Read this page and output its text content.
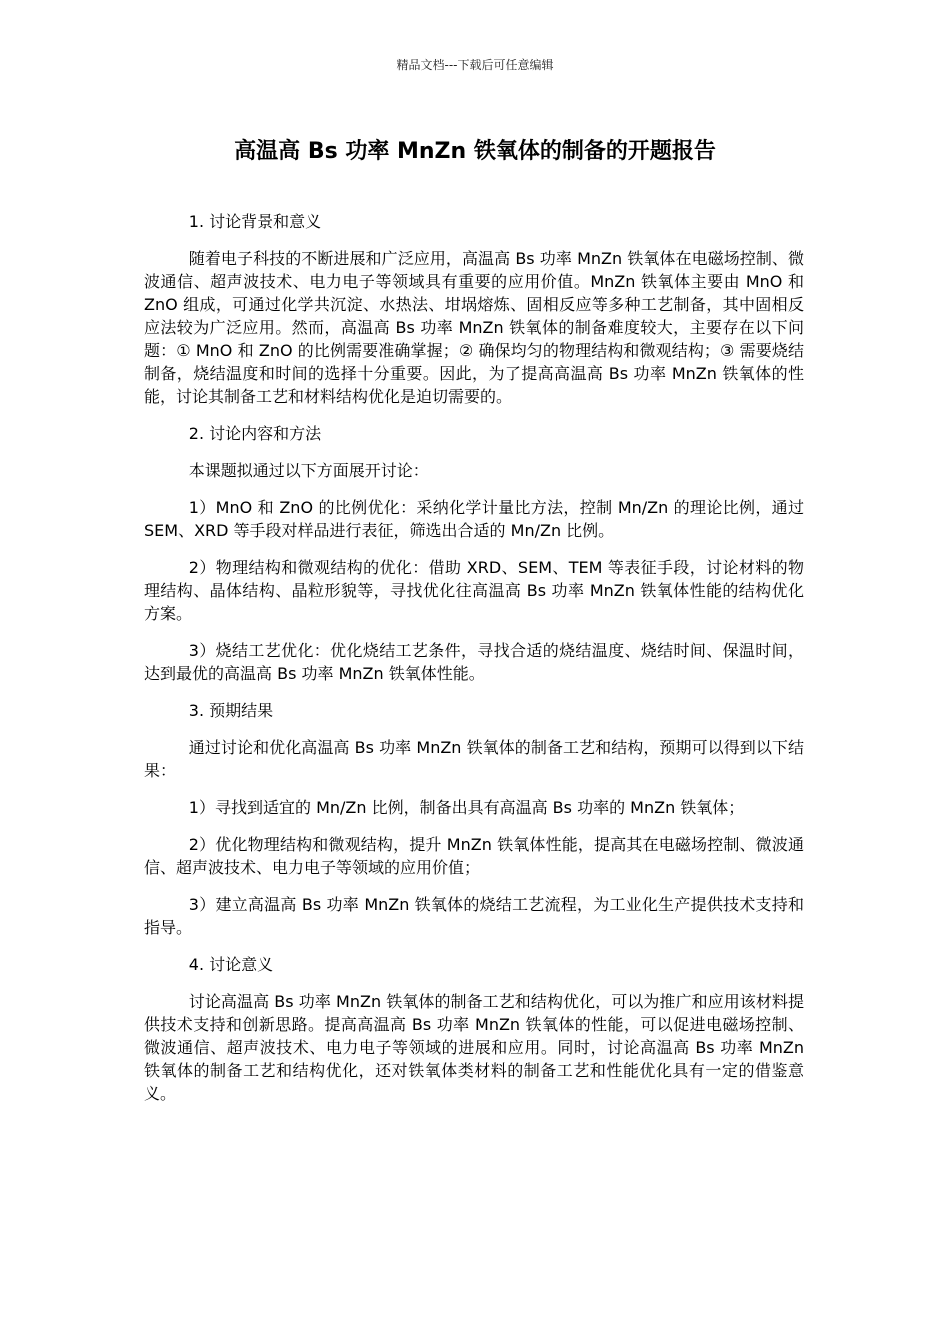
精品文档---下载后可任意编辑
高温高 Bs 功率 MnZn 铁氧体的制备的开题报告

1. 讨论背景和意义

随着电子科技的不断进展和广泛应用，高温高 Bs 功率 MnZn 铁氧体在电磁场控制、微波通信、超声波技术、电力电子等领域具有重要的应用价值。MnZn 铁氧体主要由 MnO 和 ZnO 组成，可通过化学共沉淀、水热法、坩埚熔炼、固相反应等多种工艺制备，其中固相反应法较为广泛应用。然而，高温高 Bs 功率 MnZn 铁氧体的制备难度较大，主要存在以下问题：① MnO 和 ZnO 的比例需要准确掌握；② 确保均匀的物理结构和微观结构；③ 需要烧结制备，烧结温度和时间的选择十分重要。因此，为了提高高温高 Bs 功率 MnZn 铁氧体的性能，讨论其制备工艺和材料结构优化是迫切需要的。

2. 讨论内容和方法

本课题拟通过以下方面展开讨论：

1）MnO 和 ZnO 的比例优化：采纳化学计量比方法，控制 Mn/Zn 的理论比例，通过 SEM、XRD 等手段对样品进行表征，筛选出合适的 Mn/Zn 比例。

2）物理结构和微观结构的优化：借助 XRD、SEM、TEM 等表征手段，讨论材料的物理结构、晶体结构、晶粒形貌等，寻找优化往高温高 Bs 功率 MnZn 铁氧体性能的结构优化方案。

3）烧结工艺优化：优化烧结工艺条件，寻找合适的烧结温度、烧结时间、保温时间，达到最优的高温高 Bs 功率 MnZn 铁氧体性能。

3. 预期结果

通过讨论和优化高温高 Bs 功率 MnZn 铁氧体的制备工艺和结构，预期可以得到以下结果：

1）寻找到适宜的 Mn/Zn 比例，制备出具有高温高 Bs 功率的 MnZn 铁氧体；

2）优化物理结构和微观结构，提升 MnZn 铁氧体性能，提高其在电磁场控制、微波通信、超声波技术、电力电子等领域的应用价值；

3）建立高温高 Bs 功率 MnZn 铁氧体的烧结工艺流程，为工业化生产提供技术支持和指导。

4. 讨论意义

讨论高温高 Bs 功率 MnZn 铁氧体的制备工艺和结构优化，可以为推广和应用该材料提供技术支持和创新思路。提高高温高 Bs 功率 MnZn 铁氧体的性能，可以促进电磁场控制、微波通信、超声波技术、电力电子等领域的进展和应用。同时，讨论高温高 Bs 功率 MnZn 铁氧体的制备工艺和结构优化，还对铁氧体类材料的制备工艺和性能优化具有一定的借鉴意义。
